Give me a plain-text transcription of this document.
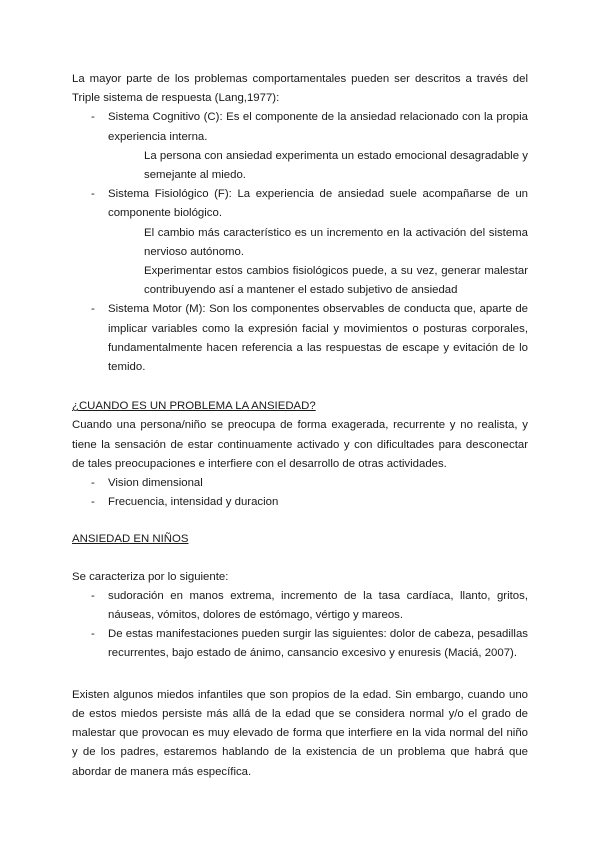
La mayor parte de los problemas comportamentales pueden ser descritos a través del Triple sistema de respuesta (Lang,1977):

- Sistema Cognitivo (C): Es el componente de la ansiedad relacionado con la propia experiencia interna.

La persona con ansiedad experimenta un estado emocional desagradable y semejante al miedo.

- Sistema Fisiológico (F): La experiencia de ansiedad suele acompañarse de un componente biológico.

El cambio más característico es un incremento en la activación del sistema nervioso autónomo.

Experimentar estos cambios fisiológicos puede, a su vez, generar malestar contribuyendo así a mantener el estado subjetivo de ansiedad

- Sistema Motor (M): Son los componentes observables de conducta que, aparte de implicar variables como la expresión facial y movimientos o posturas corporales, fundamentalmente hacen referencia a las respuestas de escape y evitación de lo temido.

¿CUANDO ES UN PROBLEMA LA ANSIEDAD?

Cuando una persona/niño se preocupa de forma exagerada, recurrente y no realista, y tiene la sensación de estar continuamente activado y con dificultades para desconectar de tales preocupaciones e interfiere con el desarrollo de otras actividades.

- Vision dimensional
- Frecuencia, intensidad y duracion

ANSIEDAD EN NIÑOS

Se caracteriza por lo siguiente:

- sudoración en manos extrema, incremento de la tasa cardíaca, llanto, gritos, náuseas, vómitos, dolores de estómago, vértigo y mareos.
- De estas manifestaciones pueden surgir las siguientes: dolor de cabeza, pesadillas recurrentes, bajo estado de ánimo, cansancio excesivo y enuresis (Maciá, 2007).

Existen algunos miedos infantiles que son propios de la edad. Sin embargo, cuando uno de estos miedos persiste más allá de la edad que se considera normal y/o el grado de malestar que provocan es muy elevado de forma que interfiere en la vida normal del niño y de los padres, estaremos hablando de la existencia de un problema que habrá que abordar de manera más específica.
